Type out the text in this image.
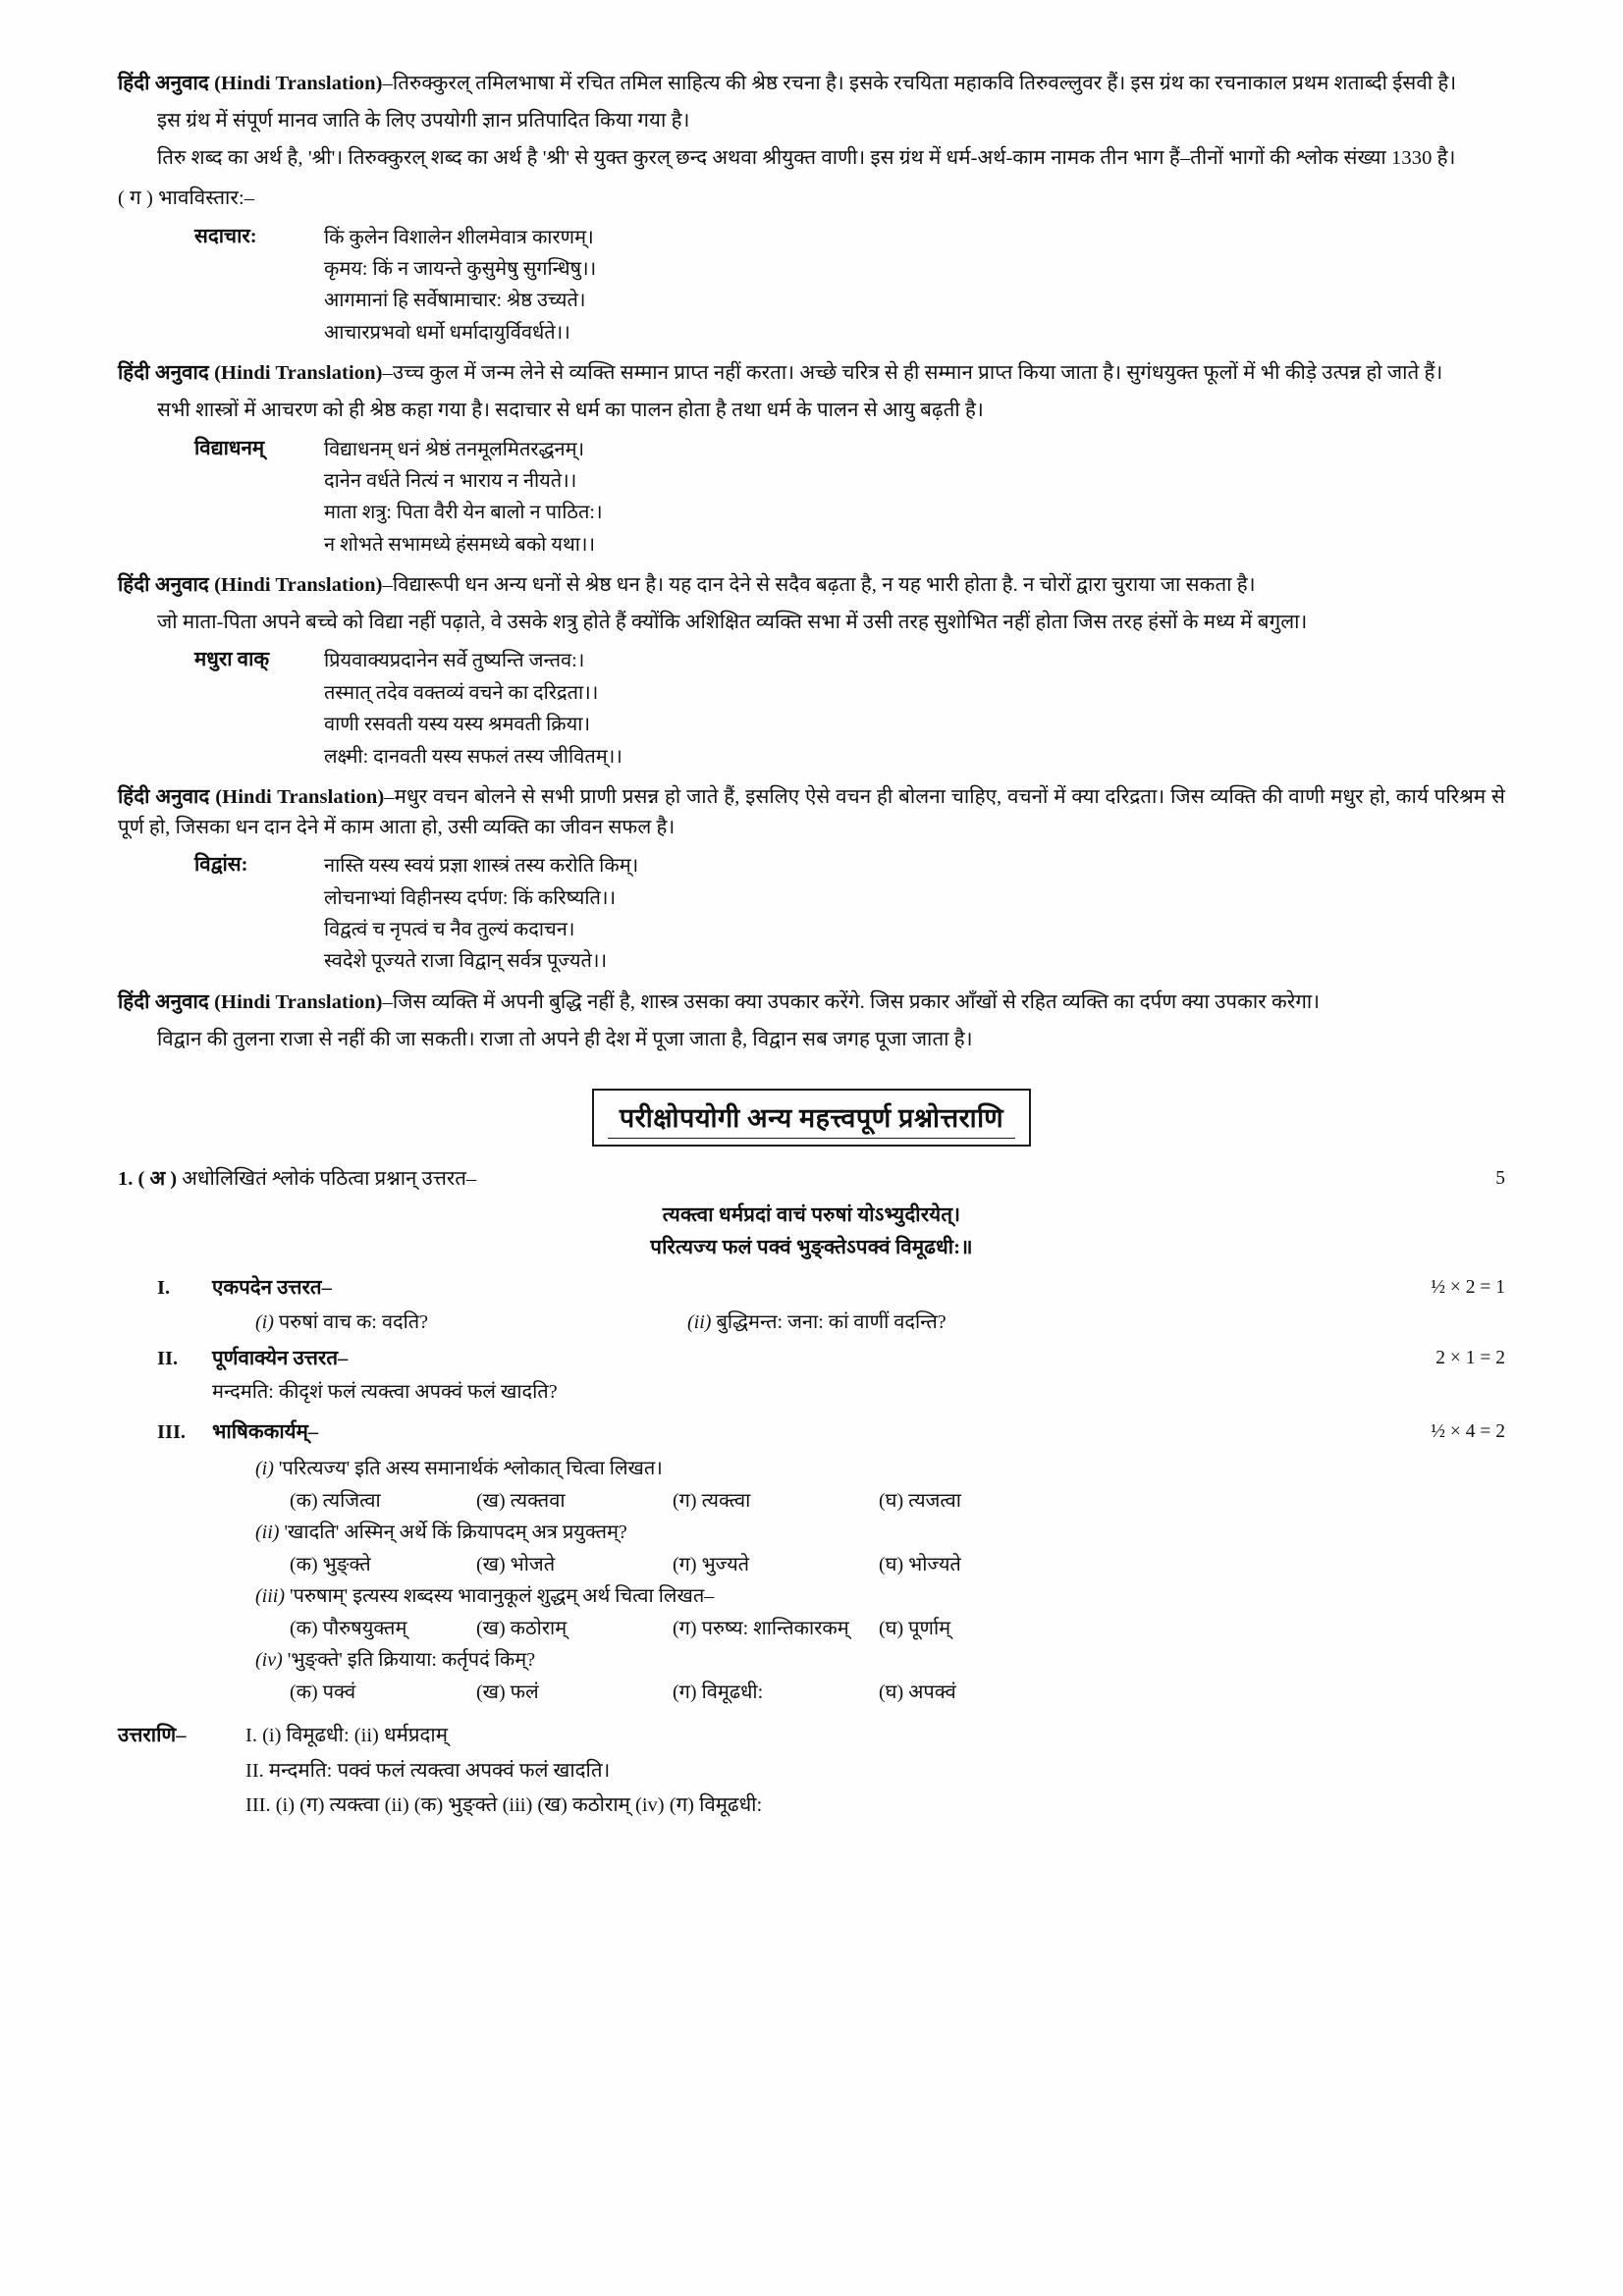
हिंदी अनुवाद (Hindi Translation)–तिरुक्कुरल् तमिलभाषा में रचित तमिल साहित्य की श्रेष्ठ रचना है। इसके रचयिता महाकवि तिरुवल्लुवर हैं। इस ग्रंथ का रचनाकाल प्रथम शताब्दी ईसवी है।

इस ग्रंथ में संपूर्ण मानव जाति के लिए उपयोगी ज्ञान प्रतिपादित किया गया है।

तिरु शब्द का अर्थ है, 'श्री'। तिरुक्कुरल् शब्द का अर्थ है 'श्री' से युक्त कुरल् छन्द अथवा श्रीयुक्त वाणी। इस ग्रंथ में धर्म-अर्थ-काम नामक तीन भाग हैं–तीनों भागों की श्लोक संख्या 1330 है।

( ग ) भावविस्तार:–

सदाचार:	किं कुलेन विशालेन शीलमेवात्र कारणम्।
कृमय: किं न जायन्ते कुसुमेषु सुगन्धिषु।।
आगमानां हि सर्वेषामाचार: श्रेष्ठ उच्यते।
आचारप्रभवो धर्मो धर्मादायुर्विवर्धते।।

हिंदी अनुवाद (Hindi Translation)–उच्च कुल में जन्म लेने से व्यक्ति सम्मान प्राप्त नहीं करता। अच्छे चरित्र से ही सम्मान प्राप्त किया जाता है। सुगंधयुक्त फूलों में भी कीड़े उत्पन्न हो जाते हैं।

सभी शास्त्रों में आचरण को ही श्रेष्ठ कहा गया है। सदाचार से धर्म का पालन होता है तथा धर्म के पालन से आयु बढ़ती है।

विद्याधनम्	विद्याधनम् धनं श्रेष्ठं तनमूलमितरद्धनम्।
दानेन वर्धते नित्यं न भाराय न नीयते।।
माता शत्रु: पिता वैरी येन बालो न पाठित:।
न शोभते सभामध्ये हंसमध्ये बको यथा।।

हिंदी अनुवाद (Hindi Translation)–विद्यारूपी धन अन्य धनों से श्रेष्ठ धन है। यह दान देने से सदैव बढ़ता है, न यह भारी होता है. न चोरों द्वारा चुराया जा सकता है।

जो माता-पिता अपने बच्चे को विद्या नहीं पढ़ाते, वे उसके शत्रु होते हैं क्योंकि अशिक्षित व्यक्ति सभा में उसी तरह सुशोभित नहीं होता जिस तरह हंसों के मध्य में बगुला।

मधुरा वाक्	प्रियवाक्यप्रदानेन सर्वे तुष्यन्ति जन्तव:।
तस्मात् तदेव वक्तव्यं वचने का दरिद्रता।।
वाणी रसवती यस्य यस्य श्रमवती क्रिया।
लक्ष्मी: दानवती यस्य सफलं तस्य जीवितम्।।

हिंदी अनुवाद (Hindi Translation)–मधुर वचन बोलने से सभी प्राणी प्रसन्न हो जाते हैं, इसलिए ऐसे वचन ही बोलना चाहिए, वचनों में क्या दरिद्रता। जिस व्यक्ति की वाणी मधुर हो, कार्य परिश्रम से पूर्ण हो, जिसका धन दान देने में काम आता हो, उसी व्यक्ति का जीवन सफल है।

विद्वांस:	नास्ति यस्य स्वयं प्रज्ञा शास्त्रं तस्य करोति किम्।
लोचनाभ्यां विहीनस्य दर्पण: किं करिष्यति।।
विद्वत्वं च नृपत्वं च नैव तुल्यं कदाचन।
स्वदेशे पूज्यते राजा विद्वान् सर्वत्र पूज्यते।।

हिंदी अनुवाद (Hindi Translation)–जिस व्यक्ति में अपनी बुद्धि नहीं है, शास्त्र उसका क्या उपकार करेंगे. जिस प्रकार आँखों से रहित व्यक्ति का दर्पण क्या उपकार करेगा।

विद्वान की तुलना राजा से नहीं की जा सकती। राजा तो अपने ही देश में पूजा जाता है, विद्वान सब जगह पूजा जाता है।

परीक्षोपयोगी अन्य महत्त्वपूर्ण प्रश्नोत्तराणि
1. ( अ ) अधोलिखितं श्लोकं पठित्वा प्रश्नान् उत्तरत–	5
त्यक्त्वा धर्मप्रदां वाचं परुषां योऽभ्युदीरयेत्।
परित्यज्य फलं पक्वं भुङ्क्तेऽपक्वं विमूढधी:॥
I. एकपदेन उत्तरत–	½ × 2 = 1
(i) परुषां वाच क: वदति?	(ii) बुद्धिमन्त: जना: कां वाणीं वदन्ति?
II. पूर्णवाक्येन उत्तरत–	2 × 1 = 2
मन्दमति: कीदृशं फलं त्यक्त्वा अपक्वं फलं खादति?
III. भाषिककार्यम्–	½ × 4 = 2
(i) 'परित्यज्य' इति अस्य समानार्थकं श्लोकात् चित्वा लिखत।
(क) त्यजित्वा	(ख) त्यक्तवा	(ग) त्यक्त्वा	(घ) त्यजत्वा
(ii) 'खादति' अस्मिन् अर्थे किं क्रियापदम् अत्र प्रयुक्तम्?
(क) भुङ्क्ते	(ख) भोजते	(ग) भुज्यते	(घ) भोज्यते
(iii) 'परुषाम्' इत्यस्य शब्दस्य भावानुकूलं शुद्धम् अर्थ चित्वा लिखत–
(क) पौरुषयुक्तम्	(ख) कठोराम्	(ग) परुष्य: शान्तिकारकम्	(घ) पूर्णाम्
(iv) 'भुङ्क्ते' इति क्रियाया: कर्तृपदं किम्?
(क) पक्वं	(ख) फलं	(ग) विमूढधी:	(घ) अपक्वं
उत्तराणि–	I. (i) विमूढधी: (ii) धर्मप्रदाम्
II. मन्दमति: पक्वं फलं त्यक्त्वा अपक्वं फलं खादति।
III. (i) (ग) त्यक्त्वा (ii) (क) भुङ्क्ते (iii) (ख) कठोराम् (iv) (ग) विमूढधी:
